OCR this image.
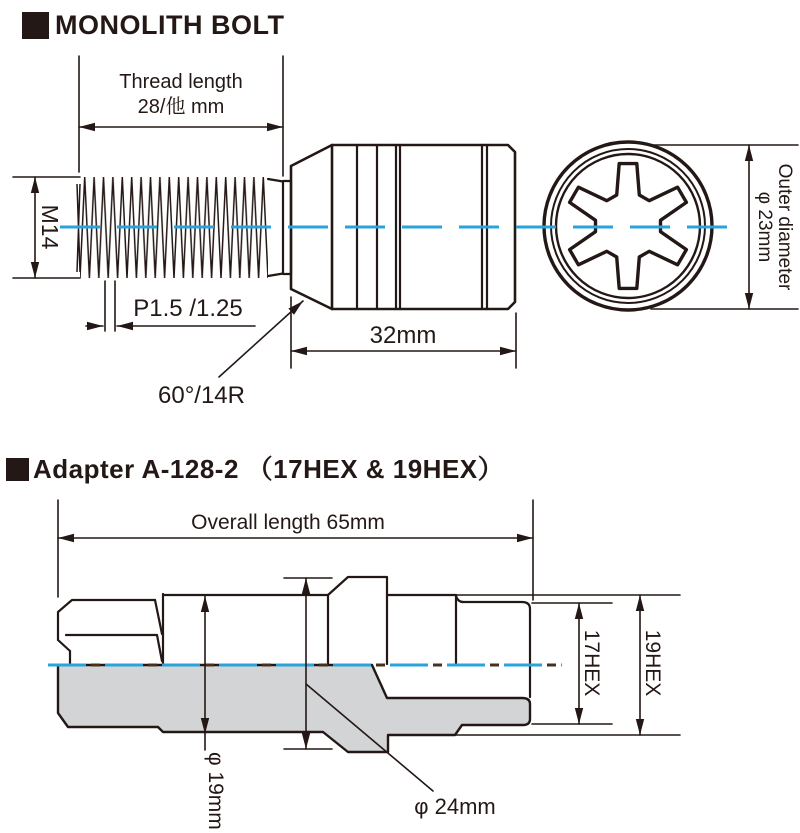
MONOLITH BOLT
Thread length
28/他 mm
M14
P1.5 /1.25
32mm
60°/14R
Outer diameter
φ 23mm
Adapter A-128-2 （17HEX & 19HEX）
Overall length 65mm
φ 19mm	φ 24mm
17HEX 19HEX
